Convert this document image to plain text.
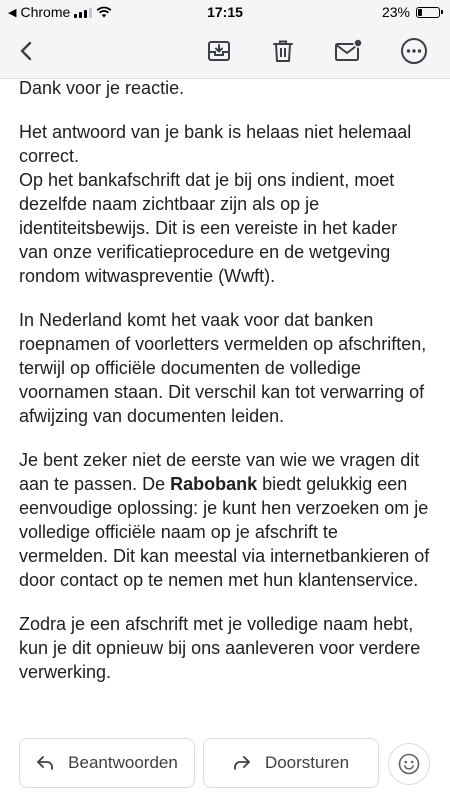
◀ Chrome	17:15	23%

Dank voor je reactie.

Het antwoord van je bank is helaas niet helemaal correct.
Op het bankafschrift dat je bij ons indient, moet dezelfde naam zichtbaar zijn als op je identiteitsbewijs. Dit is een vereiste in het kader van onze verificatieprocedure en de wetgeving rondom witwaspreventie (Wwft).

In Nederland komt het vaak voor dat banken roepnamen of voorletters vermelden op afschriften, terwijl op officiële documenten de volledige voornamen staan. Dit verschil kan tot verwarring of afwijzing van documenten leiden.

Je bent zeker niet de eerste van wie we vragen dit aan te passen. De Rabobank biedt gelukkig een eenvoudige oplossing: je kunt hen verzoeken om je volledige officiële naam op je afschrift te vermelden. Dit kan meestal via internetbankieren of door contact op te nemen met hun klantenservice.

Zodra je een afschrift met je volledige naam hebt, kun je dit opnieuw bij ons aanleveren voor verdere verwerking.

Beantwoorden	Doorsturen
